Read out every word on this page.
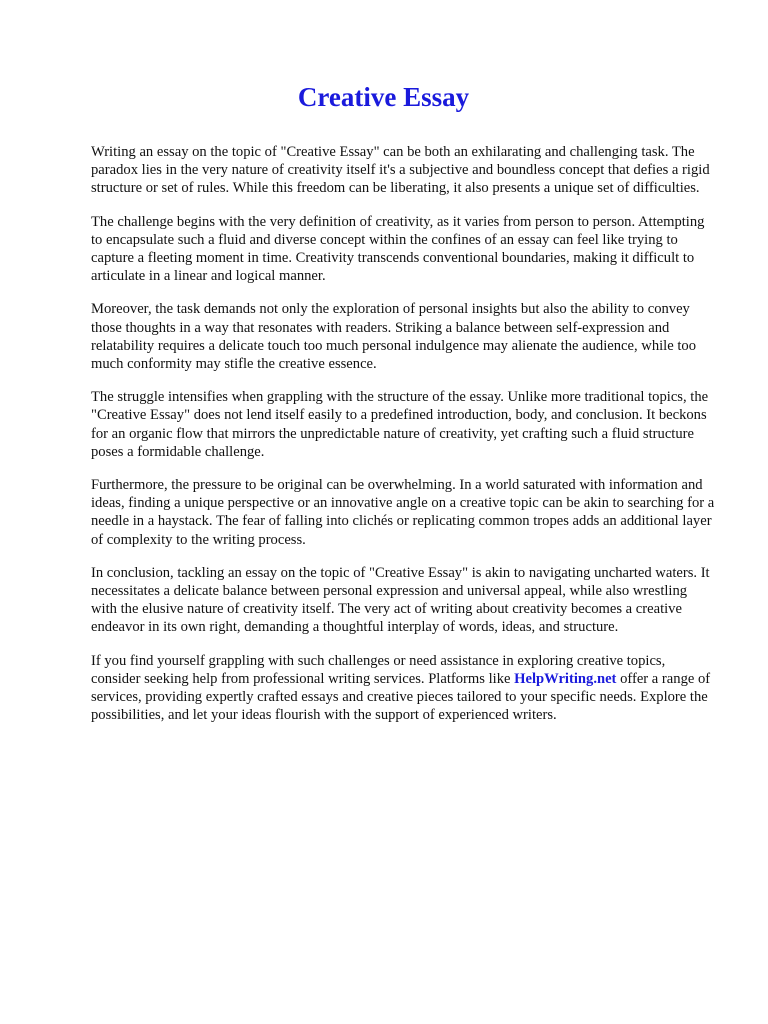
Creative Essay

Writing an essay on the topic of "Creative Essay" can be both an exhilarating and challenging task. The paradox lies in the very nature of creativity itself it's a subjective and boundless concept that defies a rigid structure or set of rules. While this freedom can be liberating, it also presents a unique set of difficulties.

The challenge begins with the very definition of creativity, as it varies from person to person. Attempting to encapsulate such a fluid and diverse concept within the confines of an essay can feel like trying to capture a fleeting moment in time. Creativity transcends conventional boundaries, making it difficult to articulate in a linear and logical manner.

Moreover, the task demands not only the exploration of personal insights but also the ability to convey those thoughts in a way that resonates with readers. Striking a balance between self-expression and relatability requires a delicate touch too much personal indulgence may alienate the audience, while too much conformity may stifle the creative essence.

The struggle intensifies when grappling with the structure of the essay. Unlike more traditional topics, the "Creative Essay" does not lend itself easily to a predefined introduction, body, and conclusion. It beckons for an organic flow that mirrors the unpredictable nature of creativity, yet crafting such a fluid structure poses a formidable challenge.

Furthermore, the pressure to be original can be overwhelming. In a world saturated with information and ideas, finding a unique perspective or an innovative angle on a creative topic can be akin to searching for a needle in a haystack. The fear of falling into clichés or replicating common tropes adds an additional layer of complexity to the writing process.

In conclusion, tackling an essay on the topic of "Creative Essay" is akin to navigating uncharted waters. It necessitates a delicate balance between personal expression and universal appeal, while also wrestling with the elusive nature of creativity itself. The very act of writing about creativity becomes a creative endeavor in its own right, demanding a thoughtful interplay of words, ideas, and structure.

If you find yourself grappling with such challenges or need assistance in exploring creative topics, consider seeking help from professional writing services. Platforms like HelpWriting.net offer a range of services, providing expertly crafted essays and creative pieces tailored to your specific needs. Explore the possibilities, and let your ideas flourish with the support of experienced writers.
